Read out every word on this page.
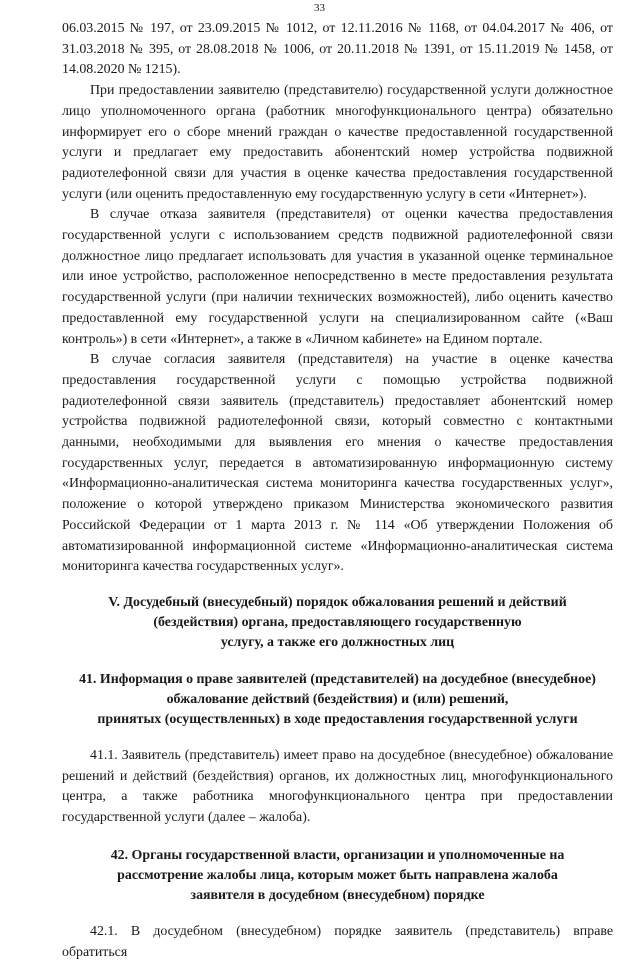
33

06.03.2015 № 197, от 23.09.2015 № 1012, от 12.11.2016 № 1168, от 04.04.2017 № 406, от 31.03.2018 № 395, от 28.08.2018 № 1006, от 20.11.2018 № 1391, от 15.11.2019 № 1458, от 14.08.2020 № 1215).

При предоставлении заявителю (представителю) государственной услуги должностное лицо уполномоченного органа (работник многофункционального центра) обязательно информирует его о сборе мнений граждан о качестве предоставленной государственной услуги и предлагает ему предоставить абонентский номер устройства подвижной радиотелефонной связи для участия в оценке качества предоставления государственной услуги (или оценить предоставленную ему государственную услугу в сети «Интернет»).

В случае отказа заявителя (представителя) от оценки качества предоставления государственной услуги с использованием средств подвижной радиотелефонной связи должностное лицо предлагает использовать для участия в указанной оценке терминальное или иное устройство, расположенное непосредственно в месте предоставления результата государственной услуги (при наличии технических возможностей), либо оценить качество предоставленной ему государственной услуги на специализированном сайте («Ваш контроль») в сети «Интернет», а также в «Личном кабинете» на Едином портале.

В случае согласия заявителя (представителя) на участие в оценке качества предоставления государственной услуги с помощью устройства подвижной радиотелефонной связи заявитель (представитель) предоставляет абонентский номер устройства подвижной радиотелефонной связи, который совместно с контактными данными, необходимыми для выявления его мнения о качестве предоставления государственных услуг, передается в автоматизированную информационную систему «Информационно-аналитическая система мониторинга качества государственных услуг», положение о которой утверждено приказом Министерства экономического развития Российской Федерации от 1 марта 2013 г. № 114 «Об утверждении Положения об автоматизированной информационной системе «Информационно-аналитическая система мониторинга качества государственных услуг».

V. Досудебный (внесудебный) порядок обжалования решений и действий
(бездействия) органа, предоставляющего государственную
услугу, а также его должностных лиц
41. Информация о праве заявителей (представителей) на досудебное (внесудебное)
обжалование действий (бездействия) и (или) решений,
принятых (осуществленных) в ходе предоставления государственной услуги

41.1. Заявитель (представитель) имеет право на досудебное (внесудебное) обжалование решений и действий (бездействия) органов, их должностных лиц, многофункционального центра, а также работника многофункционального центра при предоставлении государственной услуги (далее – жалоба).

42. Органы государственной власти, организации и уполномоченные на
рассмотрение жалобы лица, которым может быть направлена жалоба
заявителя в досудебном (внесудебном) порядке

42.1. В досудебном (внесудебном) порядке заявитель (представитель) вправе обратиться
